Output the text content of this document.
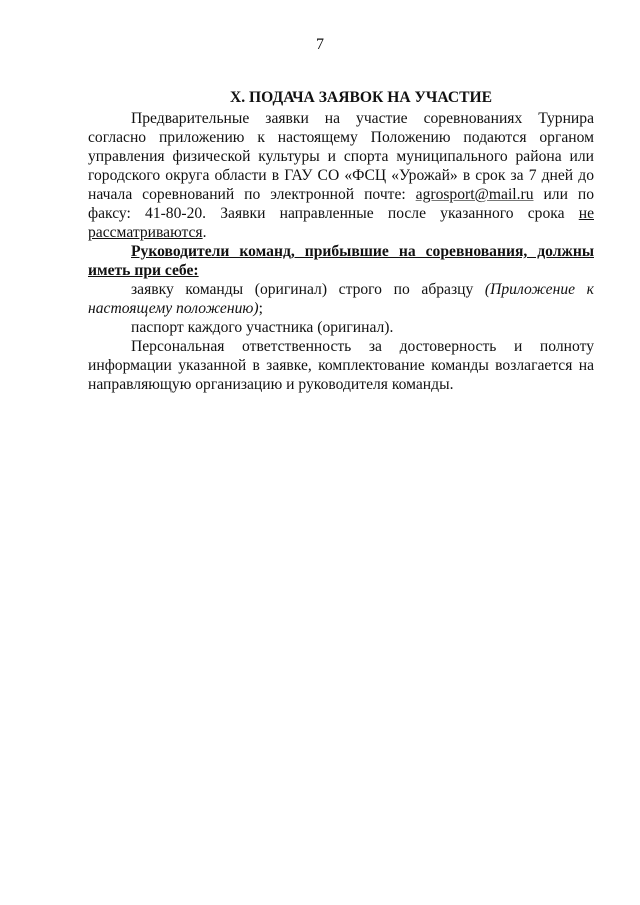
7
X. ПОДАЧА ЗАЯВОК НА УЧАСТИЕ

Предварительные заявки на участие соревнованиях Турнира согласно приложению к настоящему Положению подаются органом управления физической культуры и спорта муниципального района или городского округа области в ГАУ СО «ФСЦ «Урожай» в срок за 7 дней до начала соревнований по электронной почте: agrosport@mail.ru или по факсу: 41-80-20. Заявки направленные после указанного срока не рассматриваются.

Руководители команд, прибывшие на соревнования, должны иметь при себе:

заявку команды (оригинал) строго по абразцу (Приложение к настоящему положению);

паспорт каждого участника (оригинал).

Персональная ответственность за достоверность и полноту информации указанной в заявке, комплектование команды возлагается на направляющую организацию и руководителя команды.
